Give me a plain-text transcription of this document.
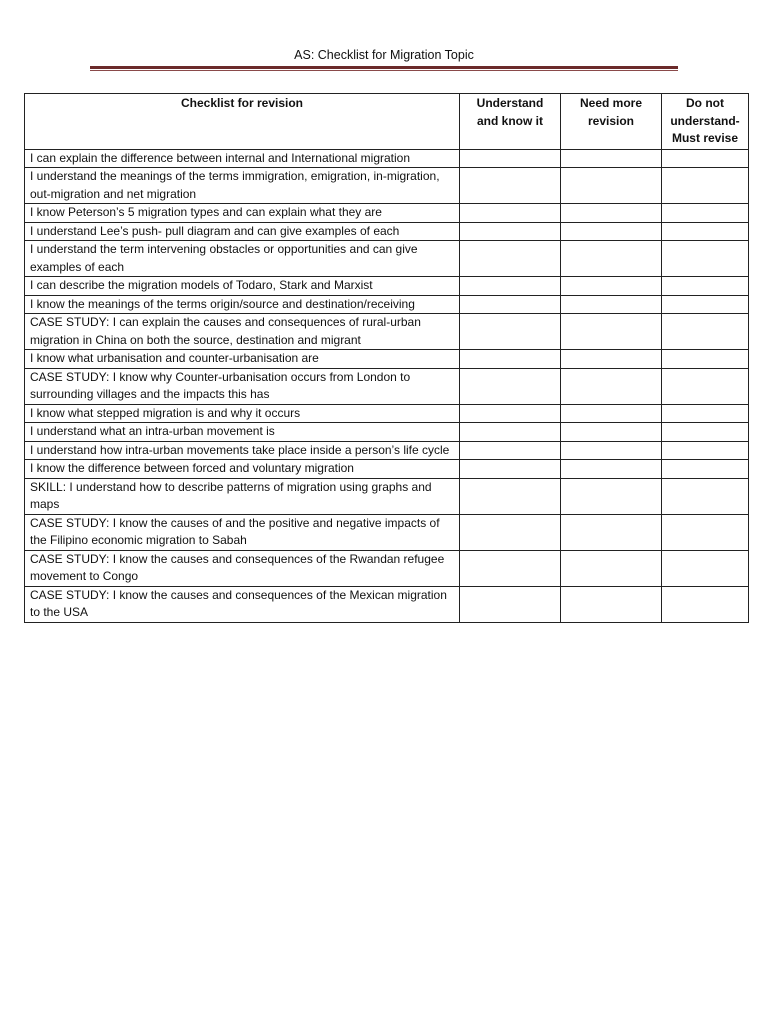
AS: Checklist for Migration Topic
Checklist for revision	Understand and know it	Need more revision	Do not understand- Must revise
I can explain the difference between internal and International migration			
I understand the meanings of the terms immigration, emigration, in-migration, out-migration and net migration			
I know Peterson’s 5 migration types and can explain what they are			
I understand Lee’s push- pull diagram and can give examples of each			
I understand the term intervening obstacles or opportunities and can give examples of each			
I can describe the migration models of Todaro, Stark and Marxist			
I know the meanings of the terms origin/source and destination/receiving			
CASE STUDY: I can explain the causes and consequences of rural-urban migration in China on both the source, destination and migrant			
I know what urbanisation and counter-urbanisation are			
CASE STUDY: I know why Counter-urbanisation occurs from London to surrounding villages and the impacts this has			
I know what stepped migration is and why it occurs			
I understand what an intra-urban movement is			
I understand how intra-urban movements take place inside a person’s life cycle			
I know the difference between forced and voluntary migration			
SKILL: I understand how to describe patterns of migration using graphs and maps			
CASE STUDY: I know the causes of and the positive and negative impacts of the Filipino economic migration to Sabah			
CASE STUDY: I know the causes and consequences of the Rwandan refugee movement to Congo			
CASE STUDY: I know the causes and consequences of the Mexican migration to the USA			
